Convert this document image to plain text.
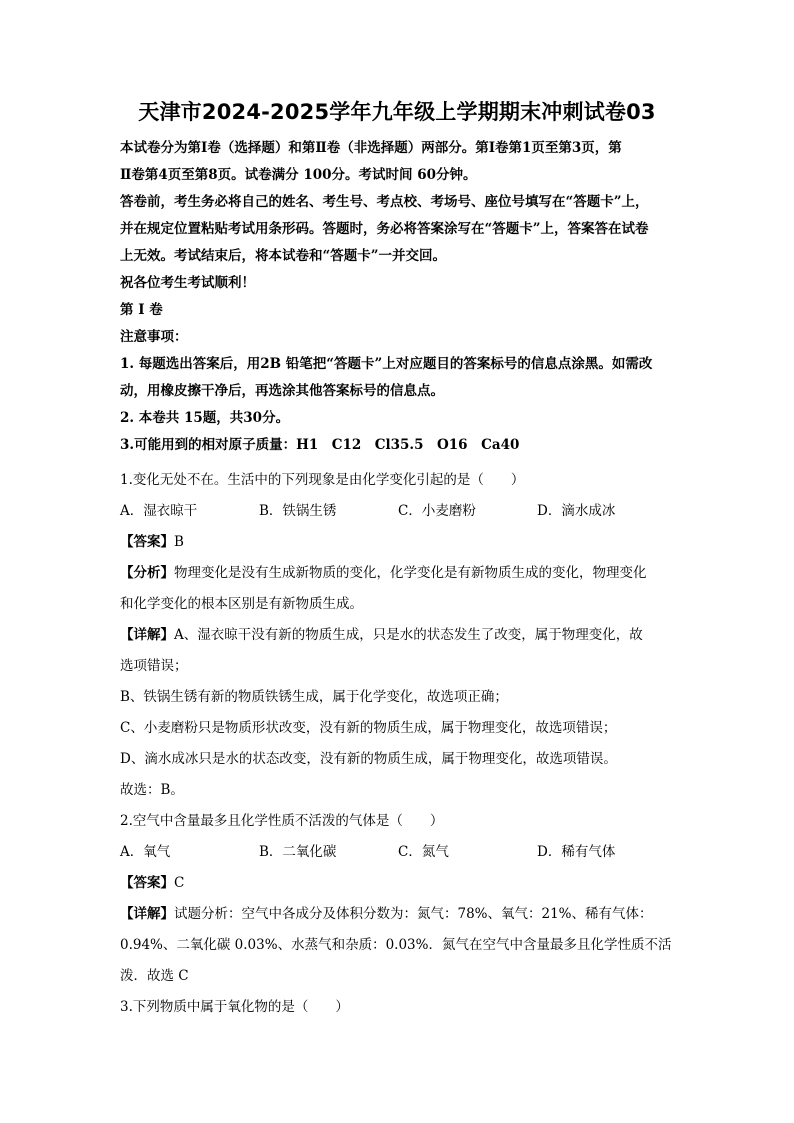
天津市2024-2025学年九年级上学期期末冲刺试卷03

本试卷分为第Ⅰ卷（选择题）和第Ⅱ卷（非选择题）两部分。第Ⅰ卷第1页至第3页，第

Ⅱ卷第4页至第8页。试卷满分 100分。考试时间 60分钟。

答卷前，考生务必将自己的姓名、考生号、考点校、考场号、座位号填写在“答题卡”上，

并在规定位置粘贴考试用条形码。答题时，务必将答案涂写在“答题卡”上，答案答在试卷

上无效。考试结束后，将本试卷和“答题卡”一并交回。

祝各位考生考试顺利！

第 Ⅰ 卷

注意事项：

1. 每题选出答案后，用2B 铅笔把“答题卡”上对应题目的答案标号的信息点涂黑。如需改

动，用橡皮擦干净后，再选涂其他答案标号的信息点。

2. 本卷共 15题，共30分。

3.可能用到的相对原子质量：H1　C12　Cl35.5　O16　Ca40

1.变化无处不在。生活中的下列现象是由化学变化引起的是（　　）

A．湿衣晾干	B．铁锅生锈	C．小麦磨粉	D．滴水成冰

【答案】B

【分析】物理变化是没有生成新物质的变化，化学变化是有新物质生成的变化，物理变化

和化学变化的根本区别是有新物质生成。

【详解】A、湿衣晾干没有新的物质生成，只是水的状态发生了改变，属于物理变化，故

选项错误；

B、铁锅生锈有新的物质铁锈生成，属于化学变化，故选项正确；

C、小麦磨粉只是物质形状改变，没有新的物质生成，属于物理变化，故选项错误；

D、滴水成冰只是水的状态改变，没有新的物质生成，属于物理变化，故选项错误。

故选：B。

2.空气中含量最多且化学性质不活泼的气体是（　　）

A．氧气	B．二氧化碳	C．氮气	D．稀有气体

【答案】C

【详解】试题分析：空气中各成分及体积分数为：氮气：78%、氧气：21%、稀有气体：

0.94%、二氧化碳 0.03%、水蒸气和杂质：0.03%．氮气在空气中含量最多且化学性质不活

泼．故选 C

3.下列物质中属于氧化物的是（　　）
